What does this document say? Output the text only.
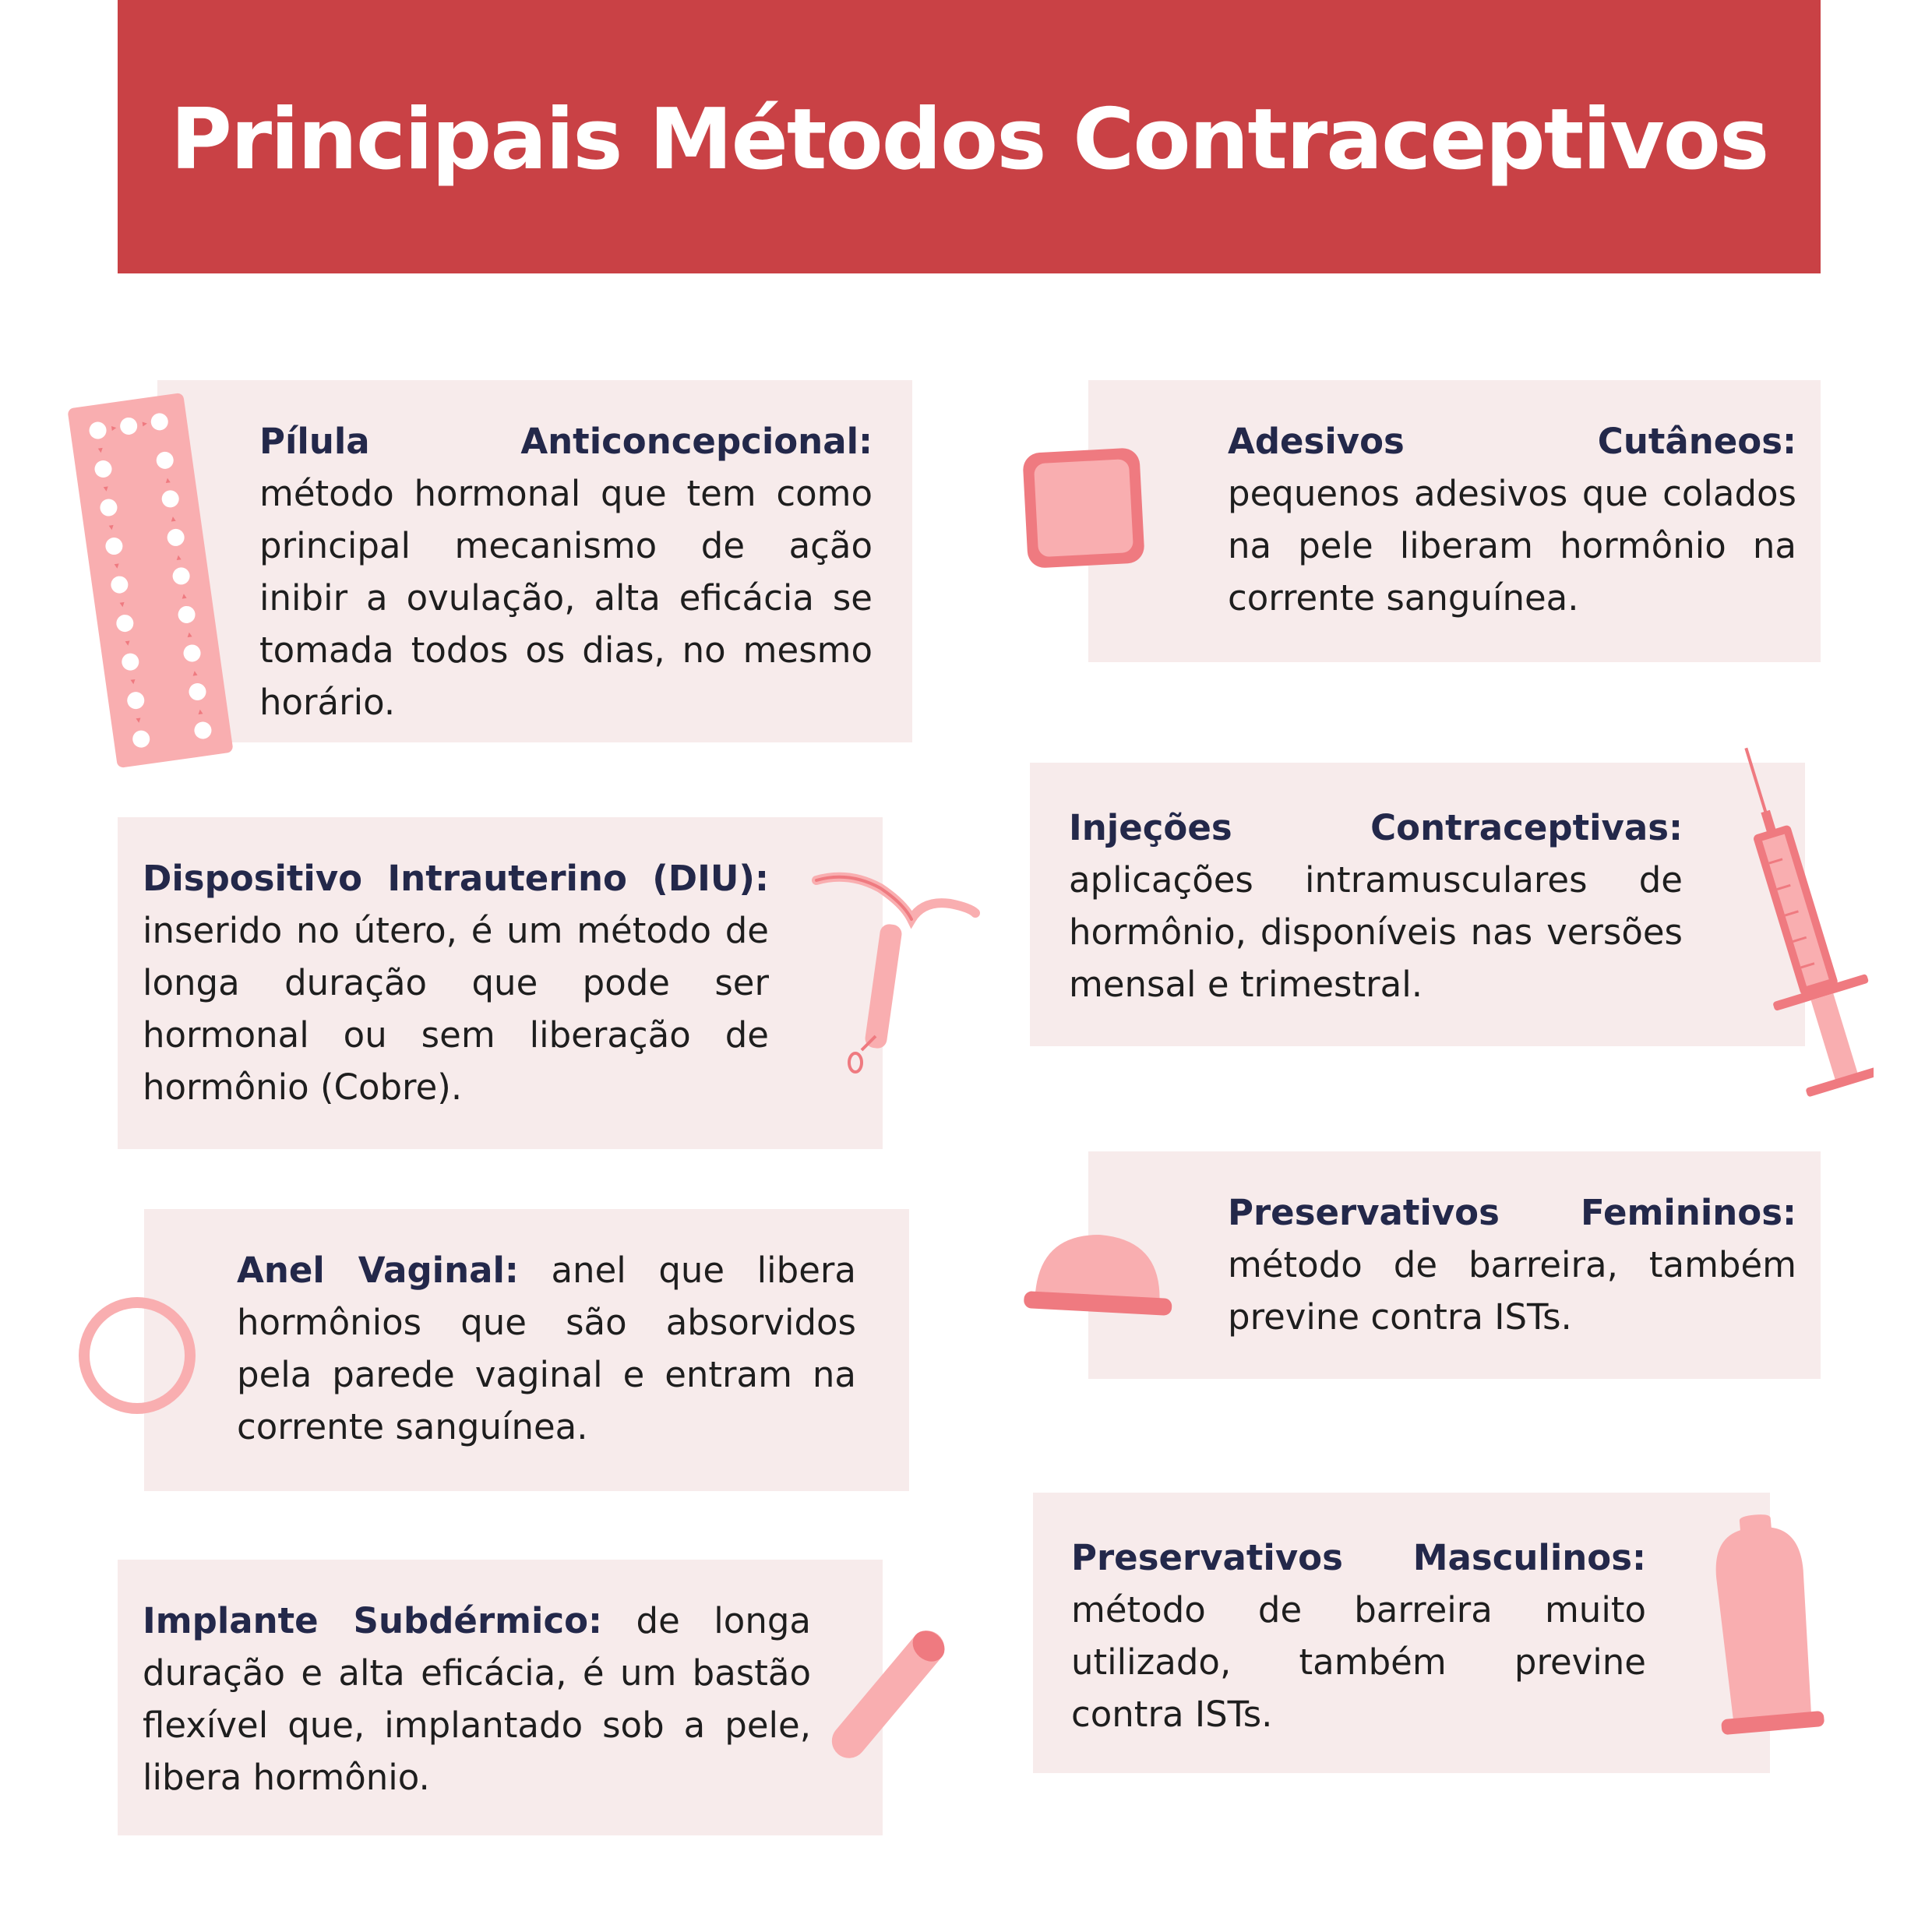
Principais Métodos Contraceptivos

Pílula Anticoncepcional: método hormonal que tem como principal mecanismo de ação inibir a ovulação, alta eficácia se tomada todos os dias, no mesmo horário.

Adesivos Cutâneos: pequenos adesivos que colados na pele liberam hormônio na corrente sanguínea.

Dispositivo Intrauterino (DIU): inserido no útero, é um método de longa duração que pode ser hormonal ou sem liberação de hormônio (Cobre).

Injeções Contraceptivas: aplicações intramusculares de hormônio, disponíveis nas versões mensal e trimestral.

Anel Vaginal: anel que libera hormônios que são absorvidos pela parede vaginal e entram na corrente sanguínea.

Preservativos Femininos: método de barreira, também previne contra ISTs.

Implante Subdérmico: de longa duração e alta eficácia, é um bastão flexível que, implantado sob a pele, libera hormônio.

Preservativos Masculinos: método de barreira muito utilizado, também previne contra ISTs.
